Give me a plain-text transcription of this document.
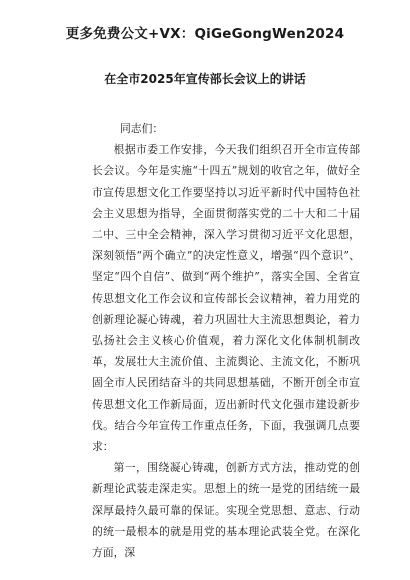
更多免费公文+VX：QiGeGongWen2024
在全市2025年宣传部长会议上的讲话

同志们：

根据市委工作安排，今天我们组织召开全市宣传部长会议。今年是实施“十四五”规划的收官之年，做好全市宣传思想文化工作要坚持以习近平新时代中国特色社会主义思想为指导，全面贯彻落实党的二十大和二十届二中、三中全会精神，深入学习贯彻习近平文化思想，深刻领悟“两个确立”的决定性意义，增强“四个意识”、坚定“四个自信”、做到“两个维护”，落实全国、全省宣传思想文化工作会议和宣传部长会议精神，着力用党的创新理论凝心铸魂，着力巩固壮大主流思想舆论，着力弘扬社会主义核心价值观，着力深化文化体制机制改革，发展壮大主流价值、主流舆论、主流文化，不断巩固全市人民团结奋斗的共同思想基础，不断开创全市宣传思想文化工作新局面，迈出新时代文化强市建设新步伐。结合今年宣传工作重点任务，下面，我强调几点要求：

第一，围绕凝心铸魂，创新方式方法，推动党的创新理论武装走深走实。思想上的统一是党的团结统一最深厚最持久最可靠的保证。实现全党思想、意志、行动的统一最根本的就是用党的基本理论武装全党。在深化方面，深
